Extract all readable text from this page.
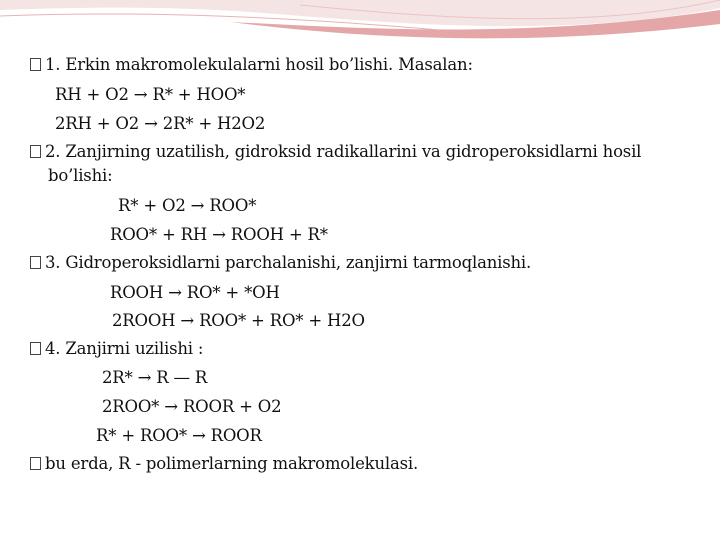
1. Erkin makromolekulalarni hosil bo’lishi. Masalan:
RH + O2 → R* + HOO*
2RH + O2 → 2R* + H2O2
2. Zanjirning uzatilish, gidroksid radikallarini va gidroperoksidlarni hosil
bo’lishi:
R* + O2 → ROO*
ROO* + RH → ROOH + R*
3. Gidroperoksidlarni parchalanishi, zanjirni tarmoqlanishi.
ROOH → RO* + *OH
2ROOH → ROO* + RO* + H2O
4. Zanjirni uzilishi :
2R* → R — R
2ROO* → ROOR + O2
R* + ROO* → ROOR
bu erda, R - polimerlarning makromolekulasi.
